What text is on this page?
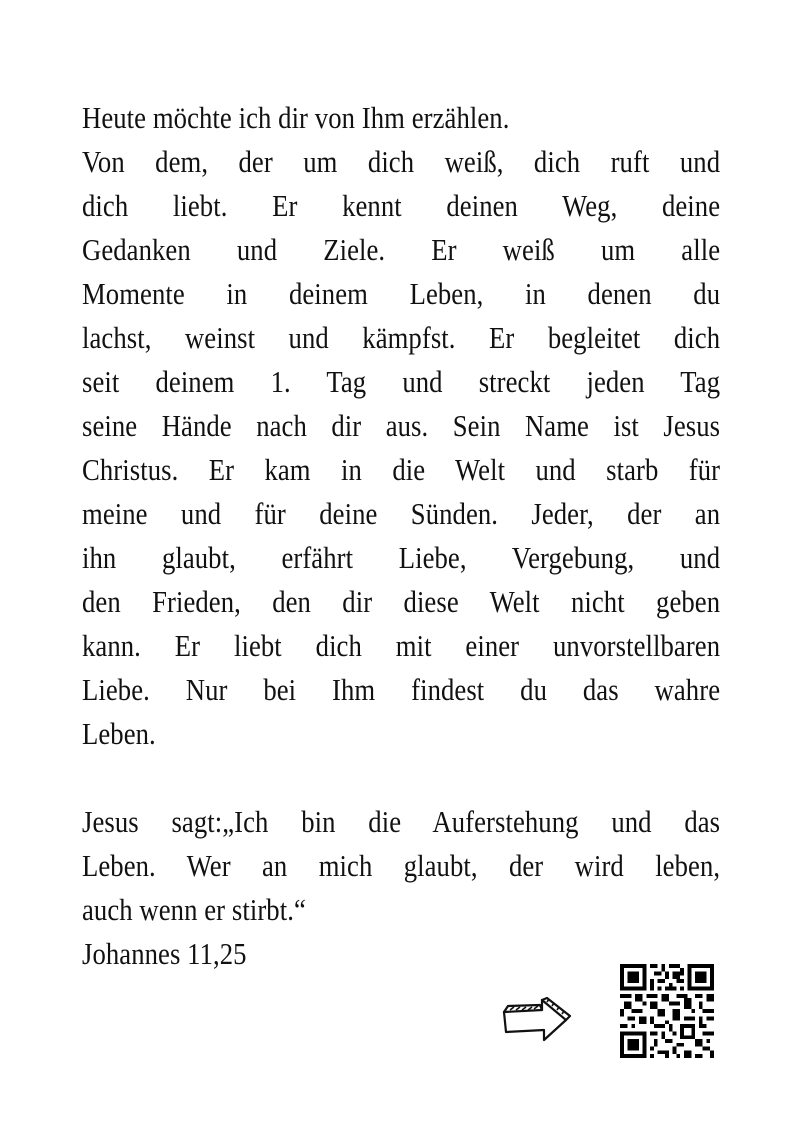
Heute möchte ich dir von Ihm erzählen.
Von dem, der um dich weiß, dich ruft und
dich liebt. Er kennt deinen Weg, deine
Gedanken und Ziele. Er weiß um alle
Momente in deinem Leben, in denen du
lachst, weinst und kämpfst. Er begleitet dich
seit deinem 1. Tag und streckt jeden Tag
seine Hände nach dir aus. Sein Name ist Jesus
Christus. Er kam in die Welt und starb für
meine und für deine Sünden. Jeder, der an
ihn glaubt, erfährt Liebe, Vergebung, und
den Frieden, den dir diese Welt nicht geben
kann. Er liebt dich mit einer unvorstellbaren
Liebe. Nur bei Ihm findest du das wahre
Leben.
Jesus sagt:„Ich bin die Auferstehung und das
Leben. Wer an mich glaubt, der wird leben,
auch wenn er stirbt.“
Johannes 11,25
